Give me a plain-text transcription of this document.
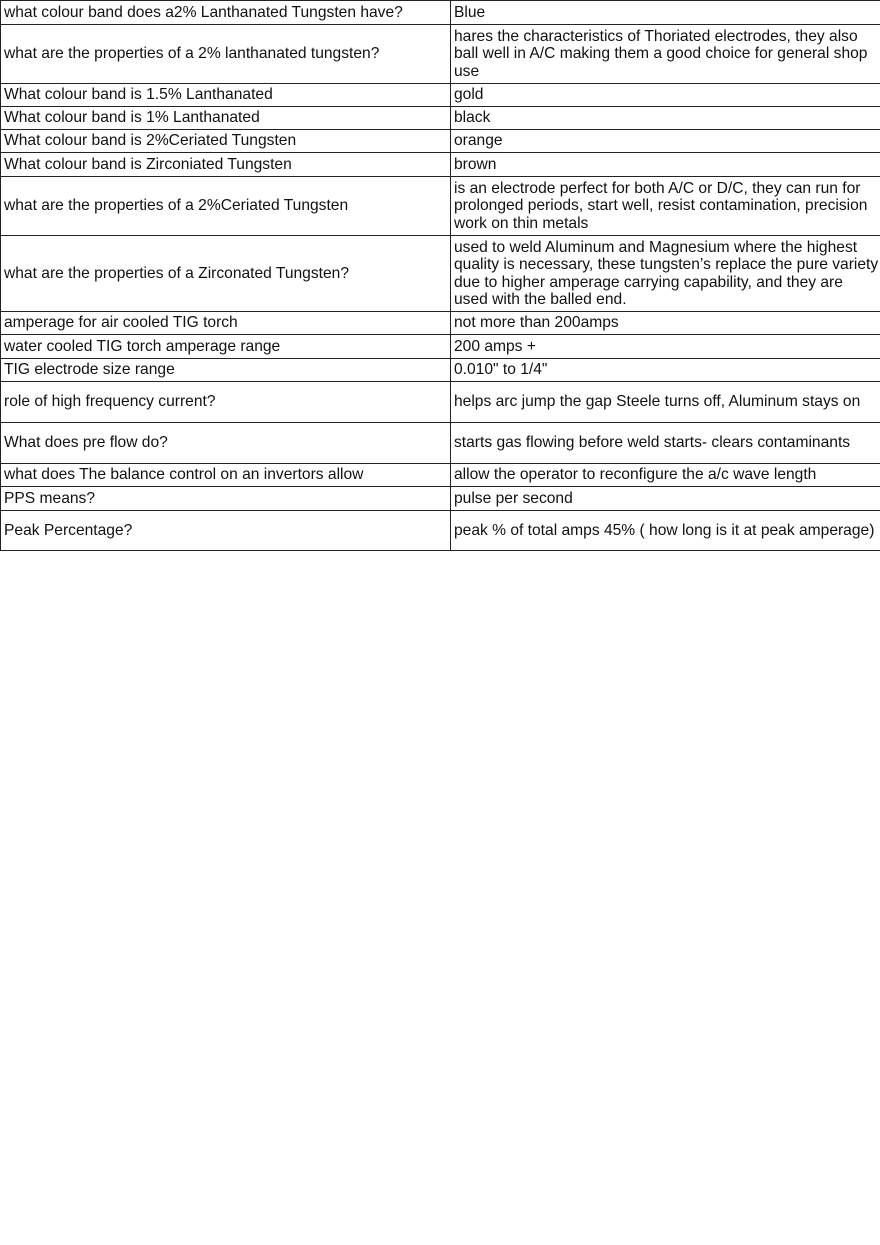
what colour band does a2% Lanthanated Tungsten have?	Blue
what are the properties of a 2% lanthanated tungsten?	hares the characteristics of Thoriated electrodes, they also ball well in A/C making them a good choice for general shop use
What colour band is 1.5% Lanthanated	gold
What colour band is 1% Lanthanated	black
What colour band is 2%Ceriated Tungsten	orange
What colour band is Zirconiated Tungsten	brown
what are the properties of a 2%Ceriated Tungsten	is an electrode perfect for both A/C or D/C, they can run for prolonged periods, start well, resist contamination, precision work on thin metals
what are the properties of a Zirconated Tungsten?	used to weld Aluminum and Magnesium where the highest quality is necessary, these tungsten’s replace the pure variety due to higher amperage carrying capability, and they are used with the balled end.
amperage for air cooled TIG torch	not more than 200amps
water cooled TIG torch amperage range	200 amps +
TIG electrode size range	0.010" to 1/4"
role of high frequency current?	helps arc jump the gap Steele turns off, Aluminum stays on
What does pre flow do?	starts gas flowing before weld starts- clears contaminants
what does The balance control on an invertors allow	allow the operator to reconfigure the a/c wave length
PPS means?	pulse per second
Peak Percentage?	peak % of total amps 45% ( how long is it at peak amperage)
